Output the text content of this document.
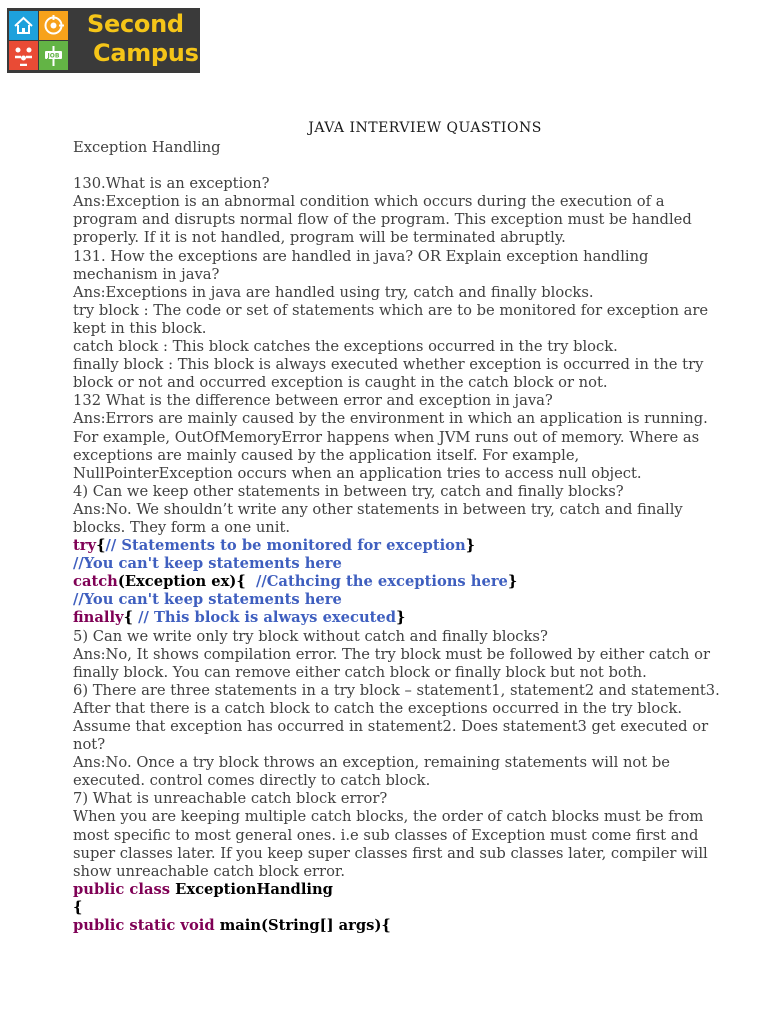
JOB
Second
Campus
JAVA INTERVIEW QUASTIONS
Exception Handling
130.What is an exception?
Ans:Exception is an abnormal condition which occurs during the execution of a
program and disrupts normal flow of the program. This exception must be handled
properly. If it is not handled, program will be terminated abruptly.
131. How the exceptions are handled in java? OR Explain exception handling
mechanism in java?
Ans:Exceptions in java are handled using try, catch and finally blocks.
try block : The code or set of statements which are to be monitored for exception are
kept in this block.
catch block : This block catches the exceptions occurred in the try block.
finally block : This block is always executed whether exception is occurred in the try
block or not and occurred exception is caught in the catch block or not.
132 What is the difference between error and exception in java?
Ans:Errors are mainly caused by the environment in which an application is running.
For example, OutOfMemoryError happens when JVM runs out of memory. Where as
exceptions are mainly caused by the application itself. For example,
NullPointerException occurs when an application tries to access null object.
4) Can we keep other statements in between try, catch and finally blocks?
Ans:No. We shouldn’t write any other statements in between try, catch and finally
blocks. They form a one unit.
try{// Statements to be monitored for exception}
//You can't keep statements here
catch(Exception ex){  //Cathcing the exceptions here}
//You can't keep statements here
finally{ // This block is always executed}
5) Can we write only try block without catch and finally blocks?
Ans:No, It shows compilation error. The try block must be followed by either catch or
finally block. You can remove either catch block or finally block but not both.
6) There are three statements in a try block – statement1, statement2 and statement3.
After that there is a catch block to catch the exceptions occurred in the try block.
Assume that exception has occurred in statement2. Does statement3 get executed or
not?
Ans:No. Once a try block throws an exception, remaining statements will not be
executed. control comes directly to catch block.
7) What is unreachable catch block error?
When you are keeping multiple catch blocks, the order of catch blocks must be from
most specific to most general ones. i.e sub classes of Exception must come first and
super classes later. If you keep super classes first and sub classes later, compiler will
show unreachable catch block error.
public class ExceptionHandling
{
public static void main(String[] args){
